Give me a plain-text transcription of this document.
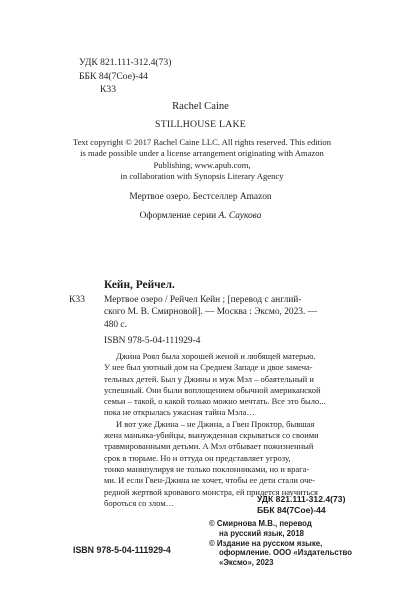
УДК 821.111-312.4(73)
ББК 84(7Сое)-44
К33
Rachel Caine
STILLHOUSE LAKE
Text copyright © 2017 Rachel Caine LLC. All rights reserved. This edition
is made possible under a license arrangement originating with Amazon
Publishing, www.apub.com,
in collaboration with Synopsis Literary Agency
Мертвое озеро. Бестселлер Amazon
Оформление серии А. Саукова
Кейн, Рейчел.
К33 Мертвое озеро / Рейчел Кейн ; [перевод с англий-
ского М. В. Смирновой]. — Москва : Эксмо, 2023. —
480 с.
ISBN 978-5-04-111929-4

Джина Роял была хорошей женой и любящей матерью.

У нее был уютный дом на Среднем Западе и двое замеча-
тельных детей. Был у Джины и муж Мэл – обаятельный и
успешный. Они были воплощением обычной американской
семьи – такой, о какой только можно мечтать. Все это было...
пока не открылась ужасная тайна Мэла…

И вот уже Джина – не Джина, а Гвен Проктор, бывшая

жена маньяка-убийцы, вынужденная скрываться со своими
травмированными детьми. А Мэл отбывает пожизненный
срок в тюрьме. Но и оттуда он представляет угрозу,
тонко манипулируя не только поклонниками, но и врага-
ми. И если Гвен-Джина не хочет, чтобы ее дети стали оче-
редной жертвой кровавого монстра, ей придется научиться
бороться со злом…	УДК 821.111-312.4(73)
ББК 84(7Сое)-44
© Смирнова М.В., перевод
на русский язык, 2018
© Издание на русском языке,
оформление. ООО «Издательство
«Эксмо», 2023
ISBN 978-5-04-111929-4
